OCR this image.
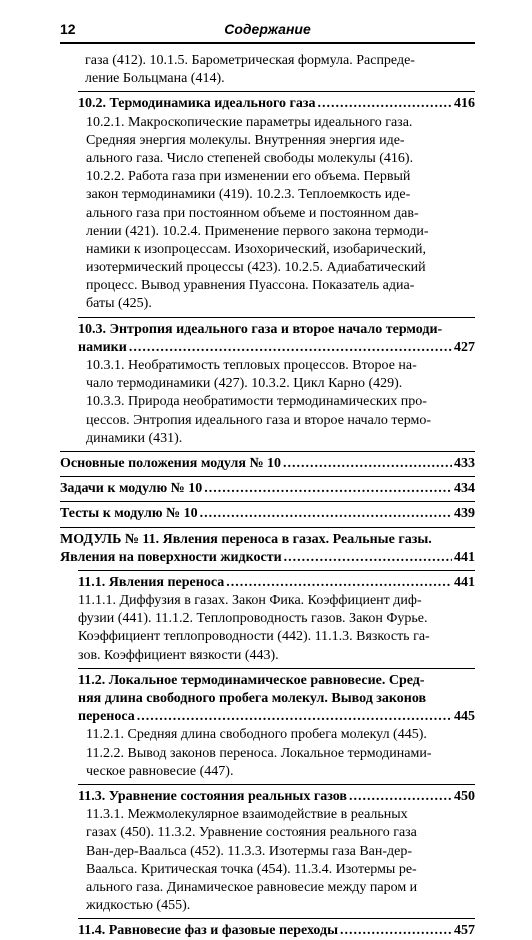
12	Содержание
газа (412). 10.1.5. Барометрическая формула. Распреде-
ление Больцмана (414).
10.2. Термодинамика идеального газа .....	416
10.2.1. Макроскопические параметры идеального газа.
Средняя энергия молекулы. Внутренняя энергия иде-
ального газа. Число степеней свободы молекулы (416).
10.2.2. Работа газа при изменении его объема. Первый
закон термодинамики (419). 10.2.3. Теплоемкость иде-
ального газа при постоянном объеме и постоянном дав-
лении (421). 10.2.4. Применение первого закона термоди-
намики к изопроцессам. Изохорический, изобарический,
изотермический процессы (423). 10.2.5. Адиабатический
процесс. Вывод уравнения Пуассона. Показатель адиа-
баты (425).
10.3. Энтропия идеального газа и второе начало термоди-
намики .....	427
10.3.1. Необратимость тепловых процессов. Второе на-
чало термодинамики (427). 10.3.2. Цикл Карно (429).
10.3.3. Природа необратимости термодинамических про-
цессов. Энтропия идеального газа и второе начало термо-
динамики (431).
Основные положения модуля № 10 .....	433
Задачи к модулю № 10 .....	434
Тесты к модулю № 10 .....	439
МОДУЛЬ № 11. Явления переноса в газах. Реальные газы.
Явления на поверхности жидкости .....	441
11.1. Явления переноса .....	441
11.1.1. Диффузия в газах. Закон Фика. Коэффициент диф-
фузии (441). 11.1.2. Теплопроводность газов. Закон Фурье.
Коэффициент теплопроводности (442). 11.1.3. Вязкость га-
зов. Коэффициент вязкости (443).
11.2. Локальное термодинамическое равновесие. Сред-
няя длина свободного пробега молекул. Вывод законов
переноса .....	445
11.2.1. Средняя длина свободного пробега молекул (445).
11.2.2. Вывод законов переноса. Локальное термодинами-
ческое равновесие (447).
11.3. Уравнение состояния реальных газов .....	450
11.3.1. Межмолекулярное взаимодействие в реальных
газах (450). 11.3.2. Уравнение состояния реального газа
Ван-дер-Ваальса (452). 11.3.3. Изотермы газа Ван-дер-
Ваальса. Критическая точка (454). 11.3.4. Изотермы ре-
ального газа. Динамическое равновесие между паром и
жидкостью (455).
11.4. Равновесие фаз и фазовые переходы .....	457
